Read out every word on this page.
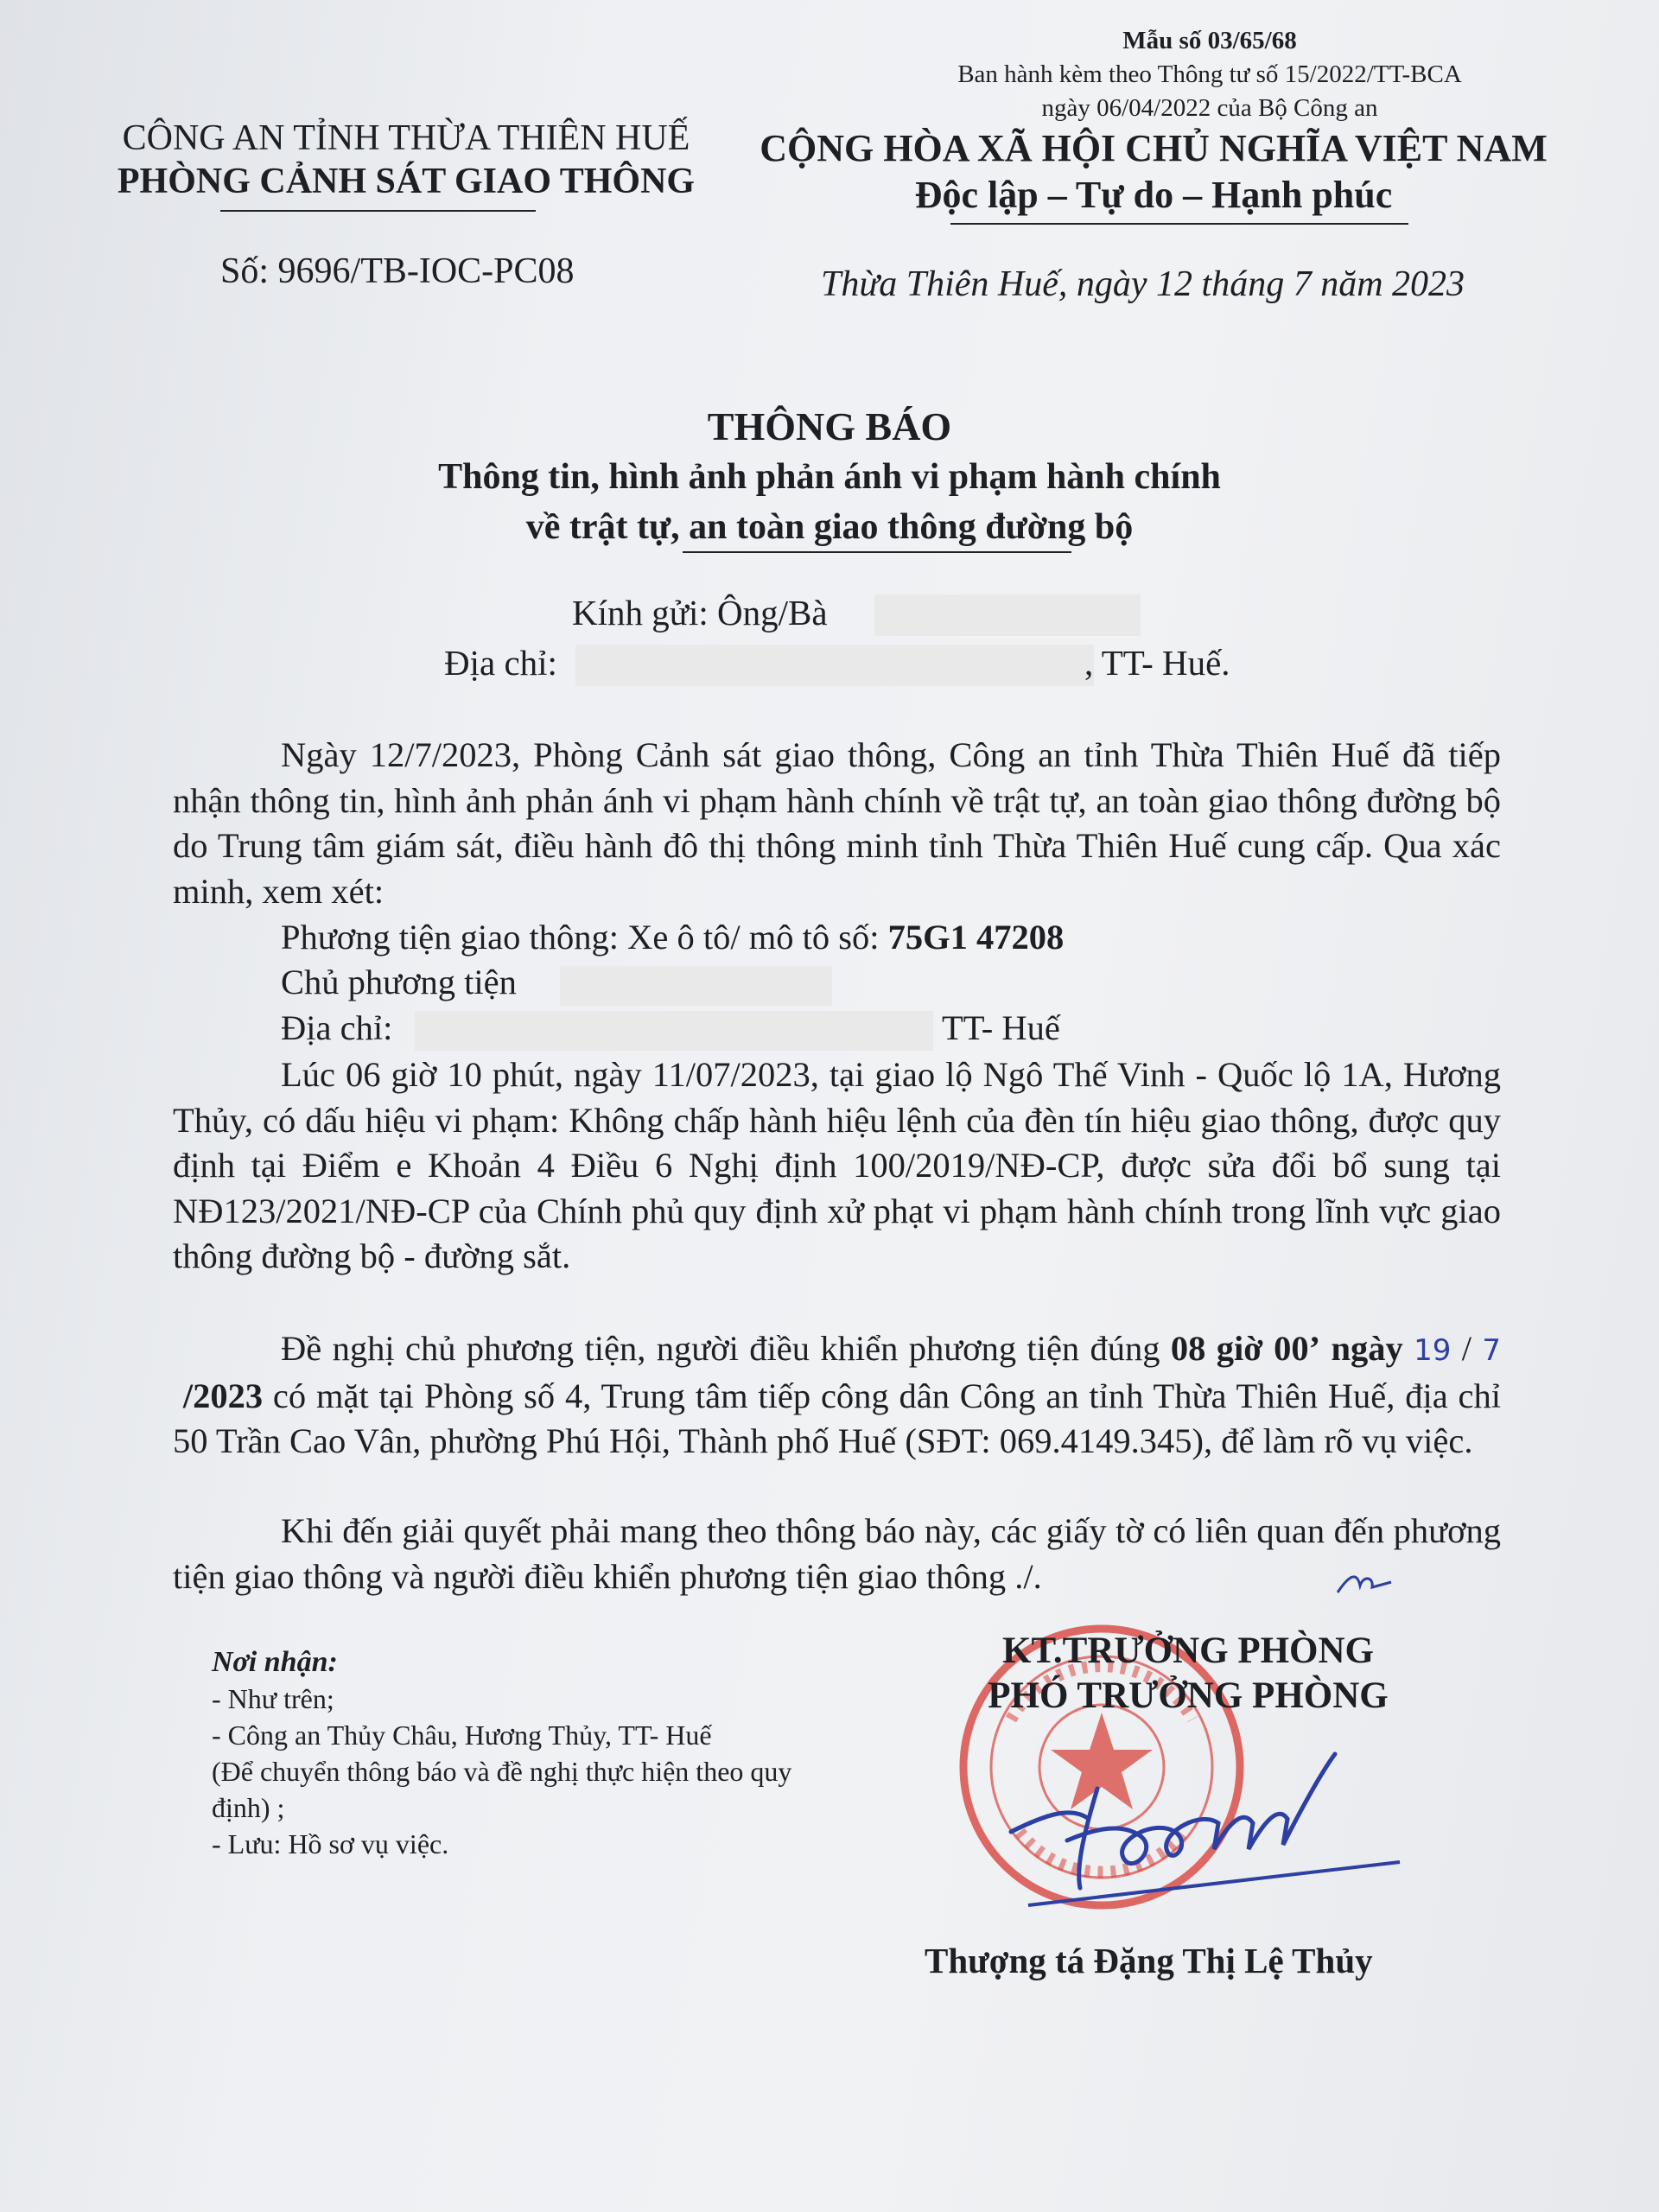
Mẫu số 03/65/68
Ban hành kèm theo Thông tư số 15/2022/TT-BCA
ngày 06/04/2022 của Bộ Công an
CÔNG AN TỈNH THỪA THIÊN HUẾ
PHÒNG CẢNH SÁT GIAO THÔNG
CỘNG HÒA XÃ HỘI CHỦ NGHĨA VIỆT NAM
Độc lập – Tự do – Hạnh phúc
Số: 9696/TB-IOC-PC08	Thừa Thiên Huế, ngày 12 tháng 7 năm 2023
THÔNG BÁO
Thông tin, hình ảnh phản ánh vi phạm hành chính
về trật tự, an toàn giao thông đường bộ
Kính gửi: Ông/Bà
Địa chỉ:	, TT- Huế.
Ngày 12/7/2023, Phòng Cảnh sát giao thông, Công an tỉnh Thừa Thiên Huế đã tiếp nhận thông tin, hình ảnh phản ánh vi phạm hành chính về trật tự, an toàn giao thông đường bộ do Trung tâm giám sát, điều hành đô thị thông minh tỉnh Thừa Thiên Huế cung cấp. Qua xác minh, xem xét:
Phương tiện giao thông: Xe ô tô/ mô tô số: 75G1 47208
Chủ phương tiện
Địa chỉ:	TT- Huế
Lúc 06 giờ 10 phút, ngày 11/07/2023, tại giao lộ Ngô Thế Vinh - Quốc lộ 1A, Hương Thủy, có dấu hiệu vi phạm: Không chấp hành hiệu lệnh của đèn tín hiệu giao thông, được quy định tại Điểm e Khoản 4 Điều 6 Nghị định 100/2019/NĐ-CP, được sửa đổi bổ sung tại NĐ123/2021/NĐ-CP của Chính phủ quy định xử phạt vi phạm hành chính trong lĩnh vực giao thông đường bộ - đường sắt.
Đề nghị chủ phương tiện, người điều khiển phương tiện đúng 08 giờ 00’ ngày 19 / 7  /2023 có mặt tại Phòng số 4, Trung tâm tiếp công dân Công an tỉnh Thừa Thiên Huế, địa chỉ 50 Trần Cao Vân, phường Phú Hội, Thành phố Huế (SĐT: 069.4149.345), để làm rõ vụ việc.
Khi đến giải quyết phải mang theo thông báo này, các giấy tờ có liên quan đến phương tiện giao thông và người điều khiển phương tiện giao thông ./.
Nơi nhận:
- Như trên;
- Công an Thủy Châu, Hương Thủy, TT- Huế
(Để chuyển thông báo và đề nghị thực hiện theo quy định) ;
- Lưu: Hồ sơ vụ việc.
KT.TRƯỞNG PHÒNG
PHÓ TRƯỞNG PHÒNG
Thượng tá Đặng Thị Lệ Thủy
